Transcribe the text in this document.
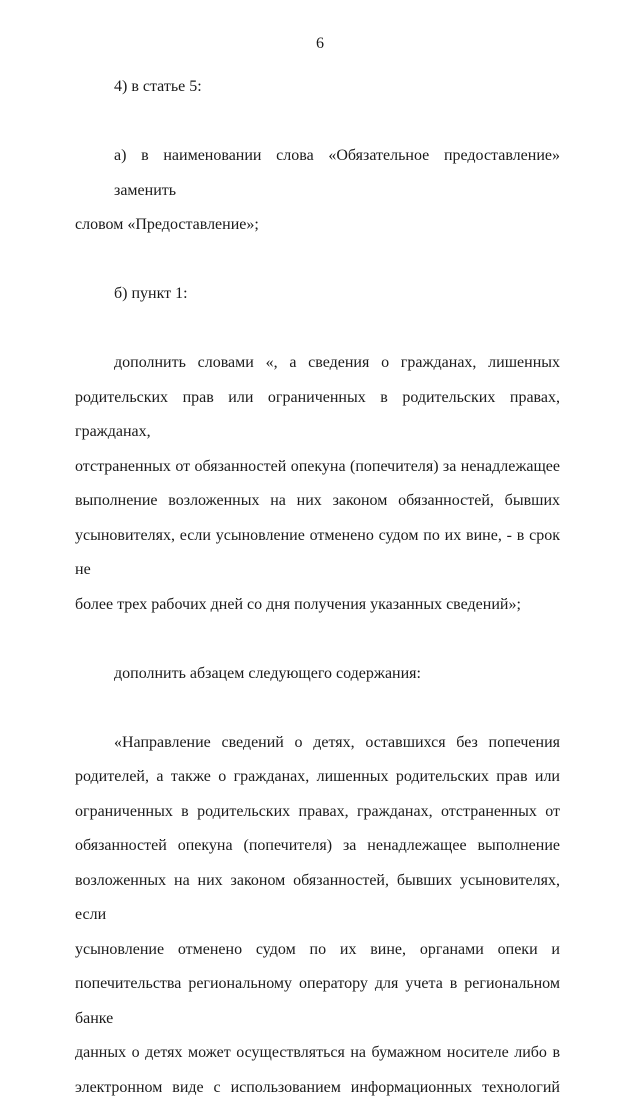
6
4) в статье 5:
а) в наименовании слова «Обязательное предоставление» заменить
словом «Предоставление»;
б) пункт 1:
дополнить словами «, а сведения о гражданах, лишенных
родительских прав или ограниченных в родительских правах, гражданах,
отстраненных от обязанностей опекуна (попечителя) за ненадлежащее
выполнение возложенных на них законом обязанностей, бывших
усыновителях, если усыновление отменено судом по их вине, - в срок не
более трех рабочих дней со дня получения указанных сведений»;
дополнить абзацем следующего содержания:
«Направление сведений о детях, оставшихся без попечения
родителей, а также о гражданах, лишенных родительских прав или
ограниченных в родительских правах, гражданах, отстраненных от
обязанностей опекуна (попечителя) за ненадлежащее выполнение
возложенных на них законом обязанностей, бывших усыновителях, если
усыновление отменено судом по их вине, органами опеки и
попечительства региональному оператору для учета в региональном банке
данных о детях может осуществляться на бумажном носителе либо в
электронном виде с использованием информационных технологий
